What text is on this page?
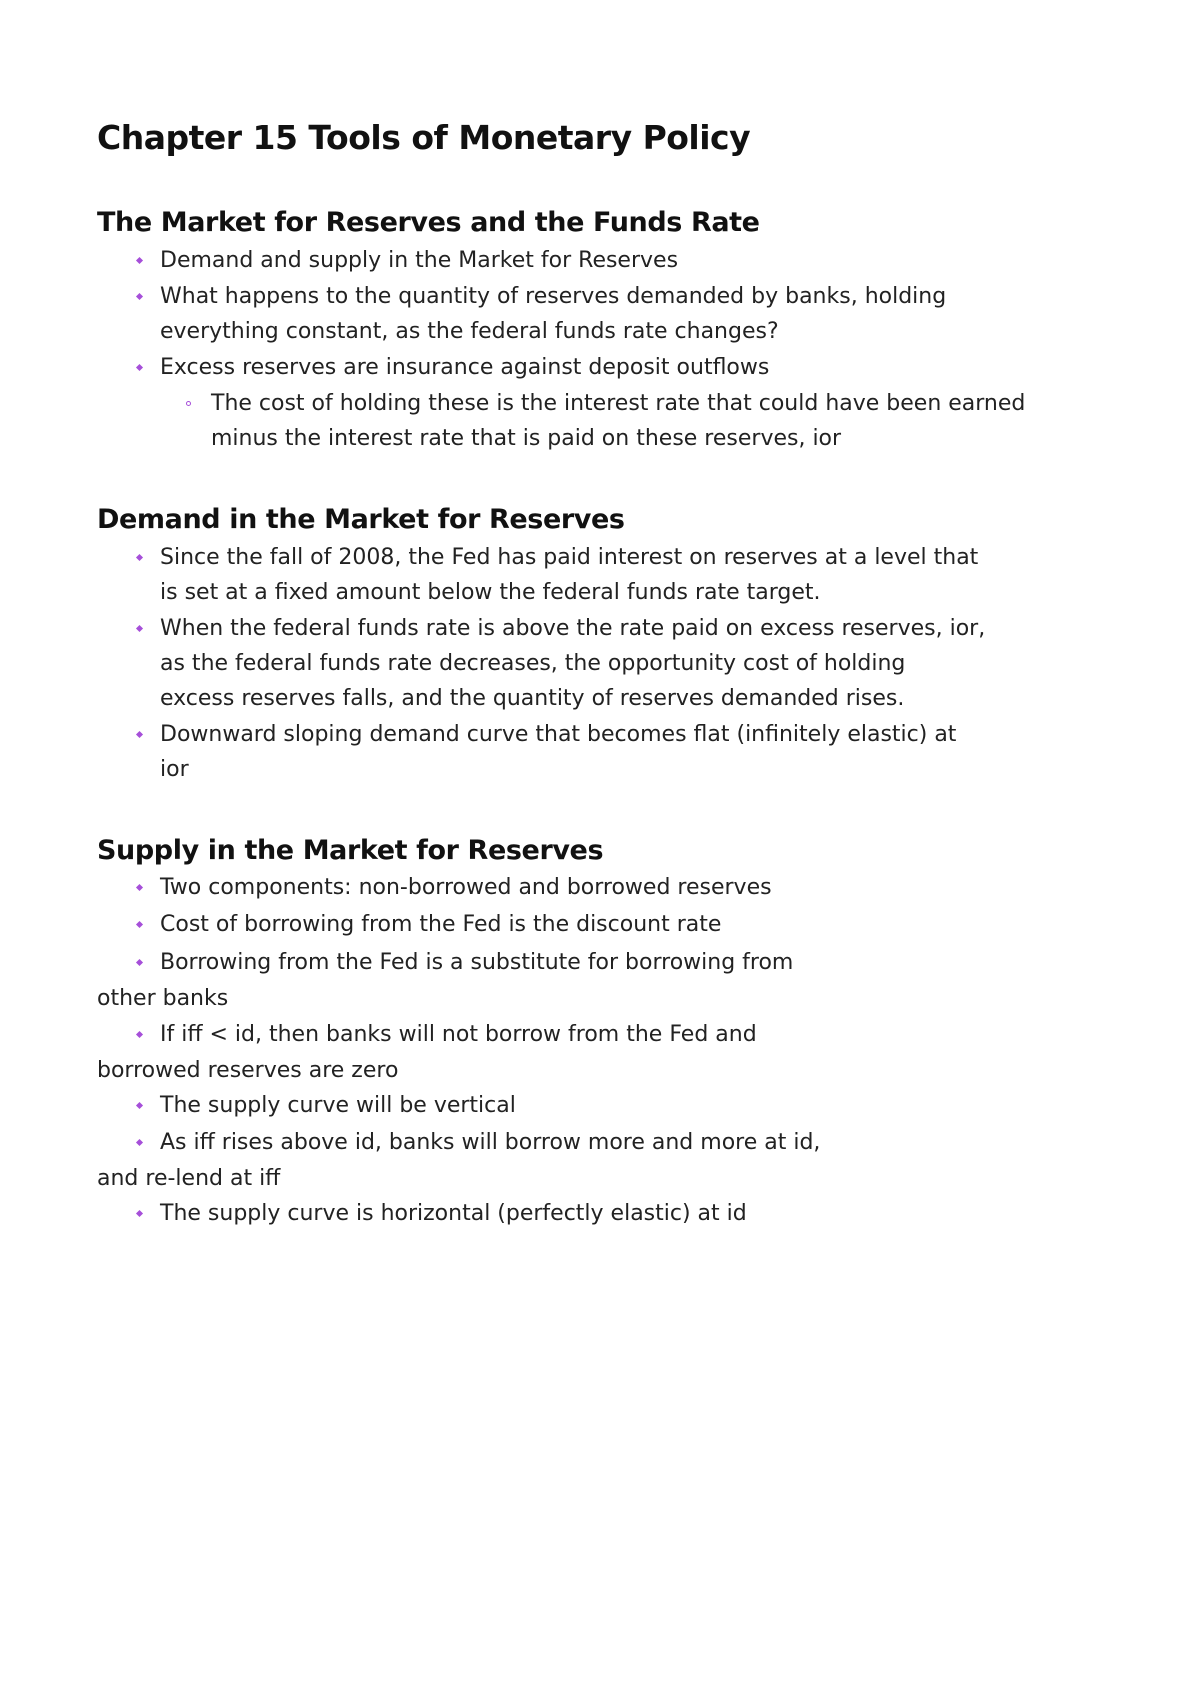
Chapter 15 Tools of Monetary Policy
The Market for Reserves and the Funds Rate
Demand and supply in the Market for Reserves
What happens to the quantity of reserves demanded by banks, holding
everything constant, as the federal funds rate changes?
Excess reserves are insurance against deposit outflows
The cost of holding these is the interest rate that could have been earned
minus the interest rate that is paid on these reserves, ior
Demand in the Market for Reserves
Since the fall of 2008, the Fed has paid interest on reserves at a level that
is set at a fixed amount below the federal funds rate target.
When the federal funds rate is above the rate paid on excess reserves, ior,
as the federal funds rate decreases, the opportunity cost of holding
excess reserves falls, and the quantity of reserves demanded rises.
Downward sloping demand curve that becomes flat (infinitely elastic) at
ior
Supply in the Market for Reserves
Two components: non-borrowed and borrowed reserves
Cost of borrowing from the Fed is the discount rate
Borrowing from the Fed is a substitute for borrowing from
other banks
If iff < id, then banks will not borrow from the Fed and
borrowed reserves are zero
The supply curve will be vertical
As iff rises above id, banks will borrow more and more at id,
and re-lend at iff
The supply curve is horizontal (perfectly elastic) at id
